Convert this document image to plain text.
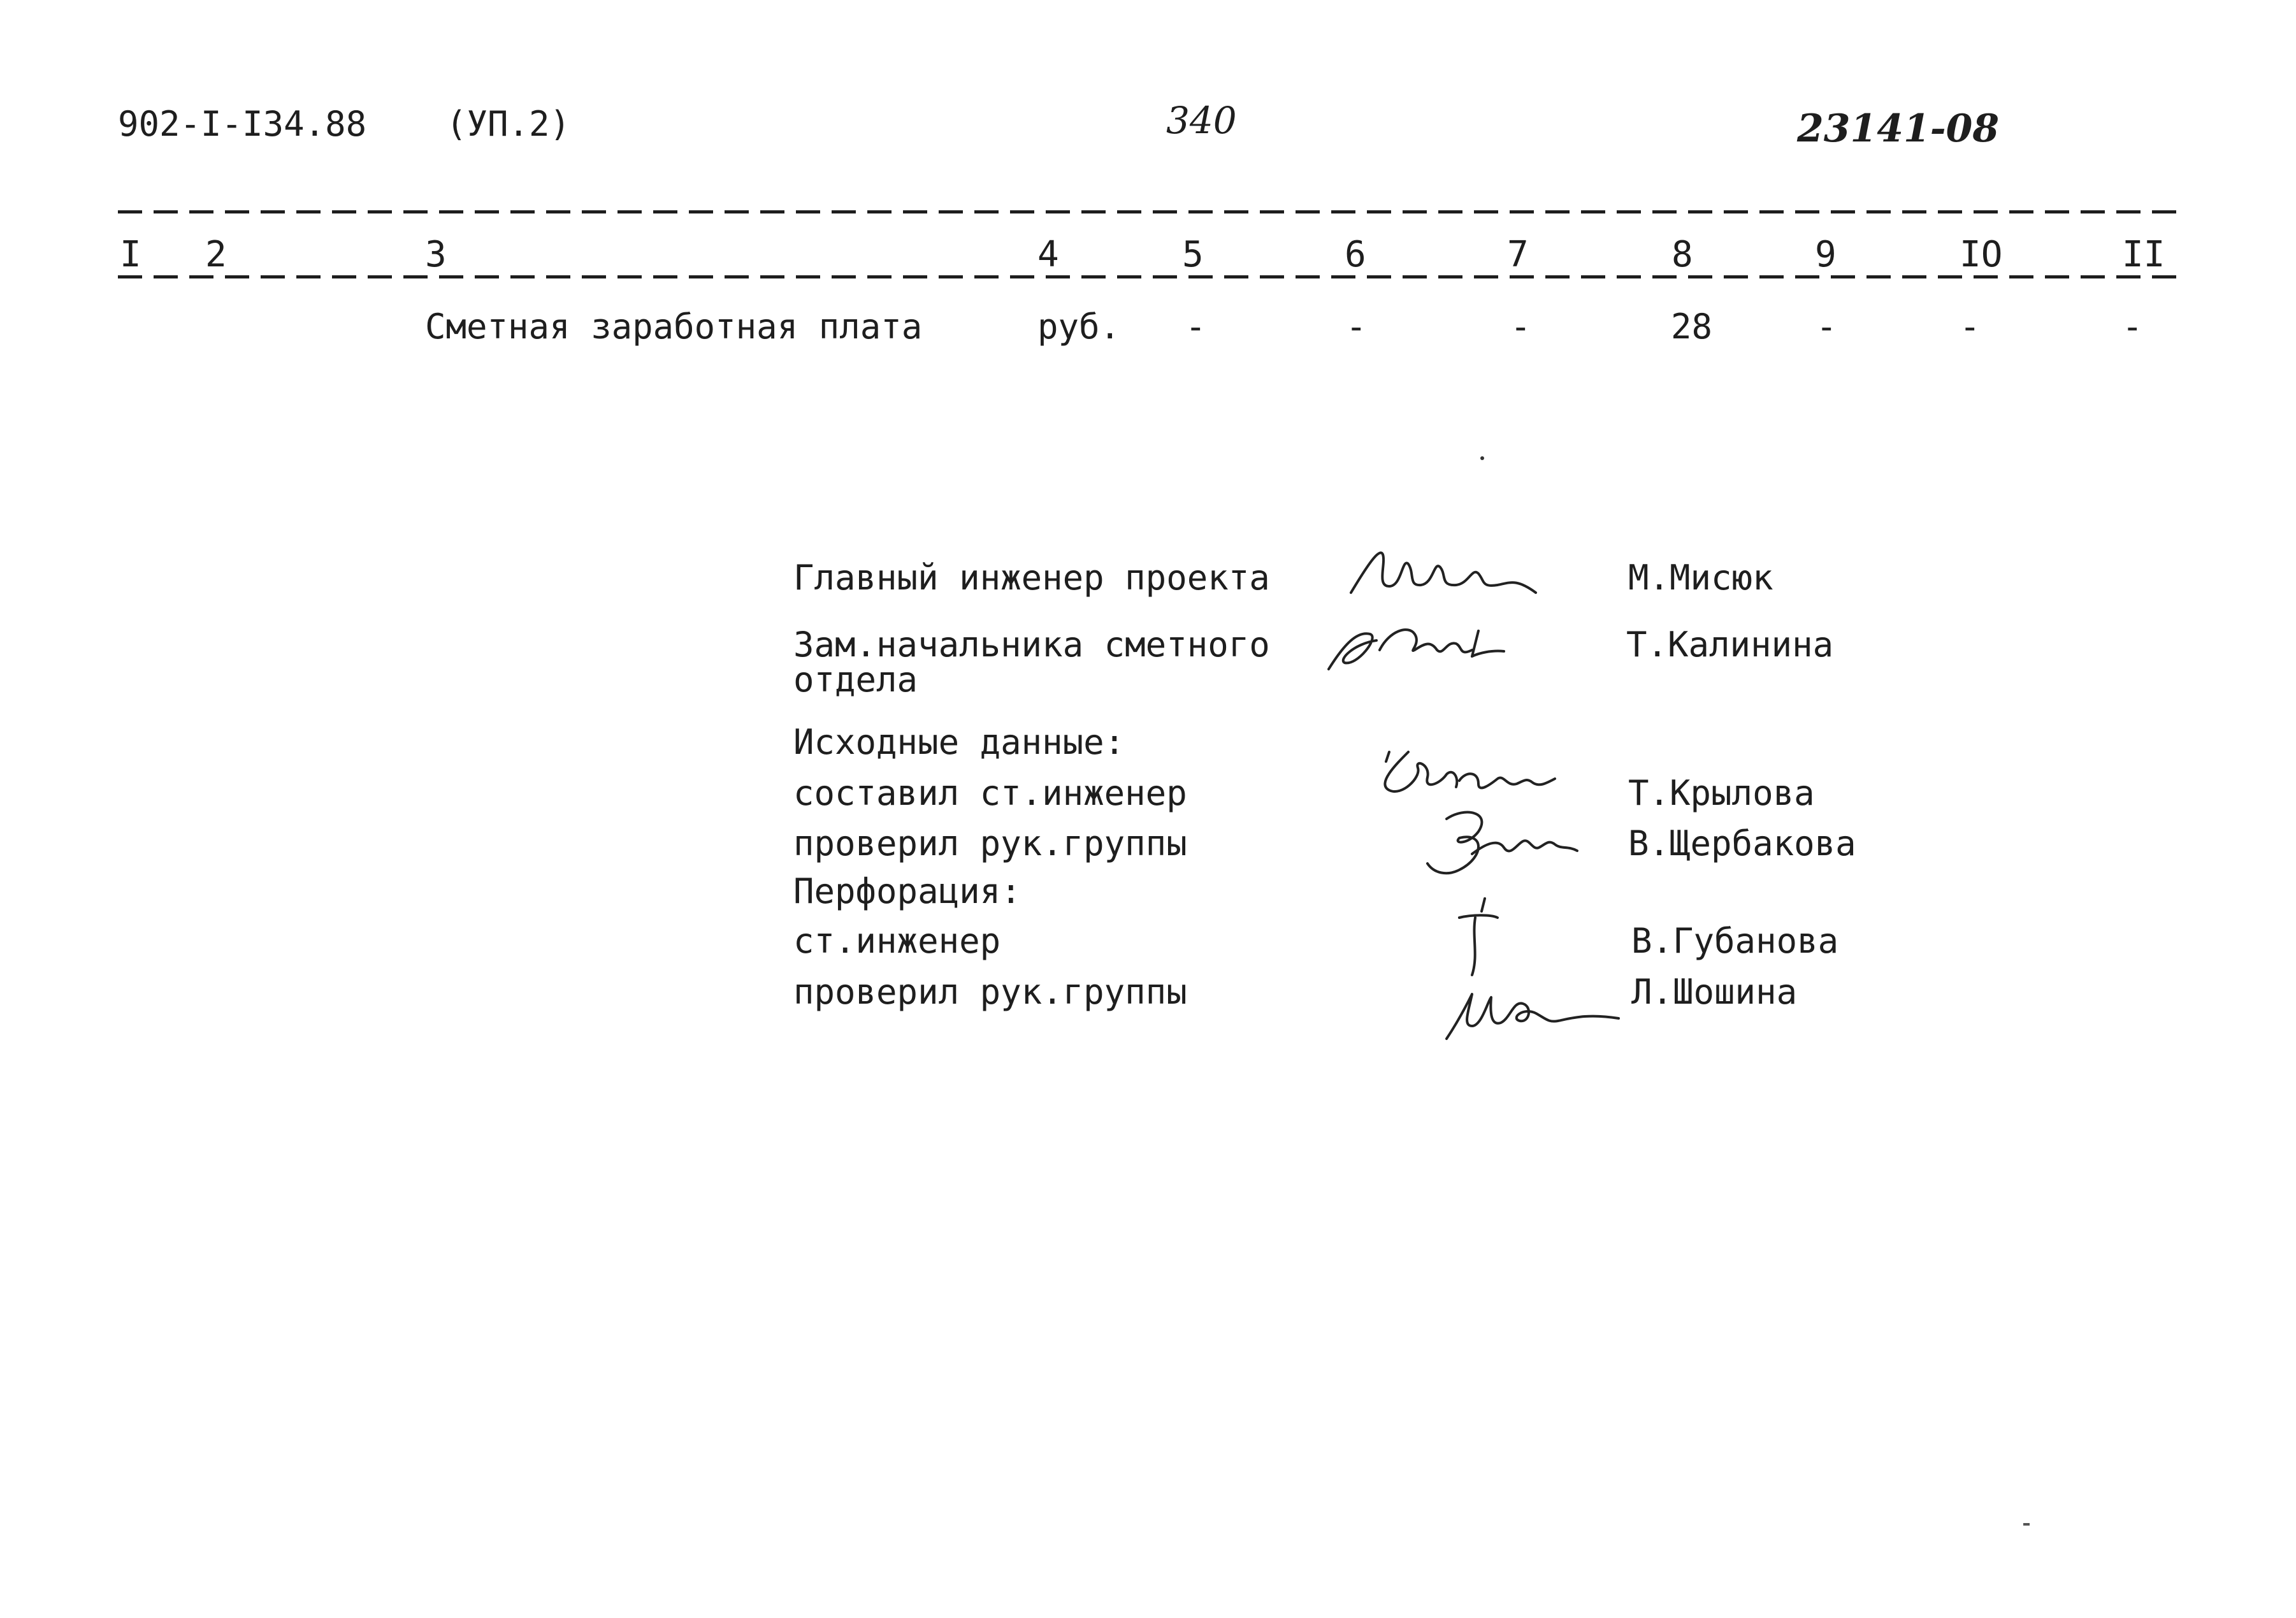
902-I-I34.88 (УП.2)	340	23141-08
I 2	3	4	5	6	7	8	9	IO	II
Сметная заработная плата	руб. -	-	-	28	-	-	-
Главный инженер проекта	М.Мисюк
Зам.начальника сметного
отдела
Т.Калинина
Исходные данные:
составил ст.инженер	Т.Крылова
проверил рук.группы	В.Щербакова
Перфорация:
ст.инженер	В.Губанова
проверил рук.группы	Л.Шошина
